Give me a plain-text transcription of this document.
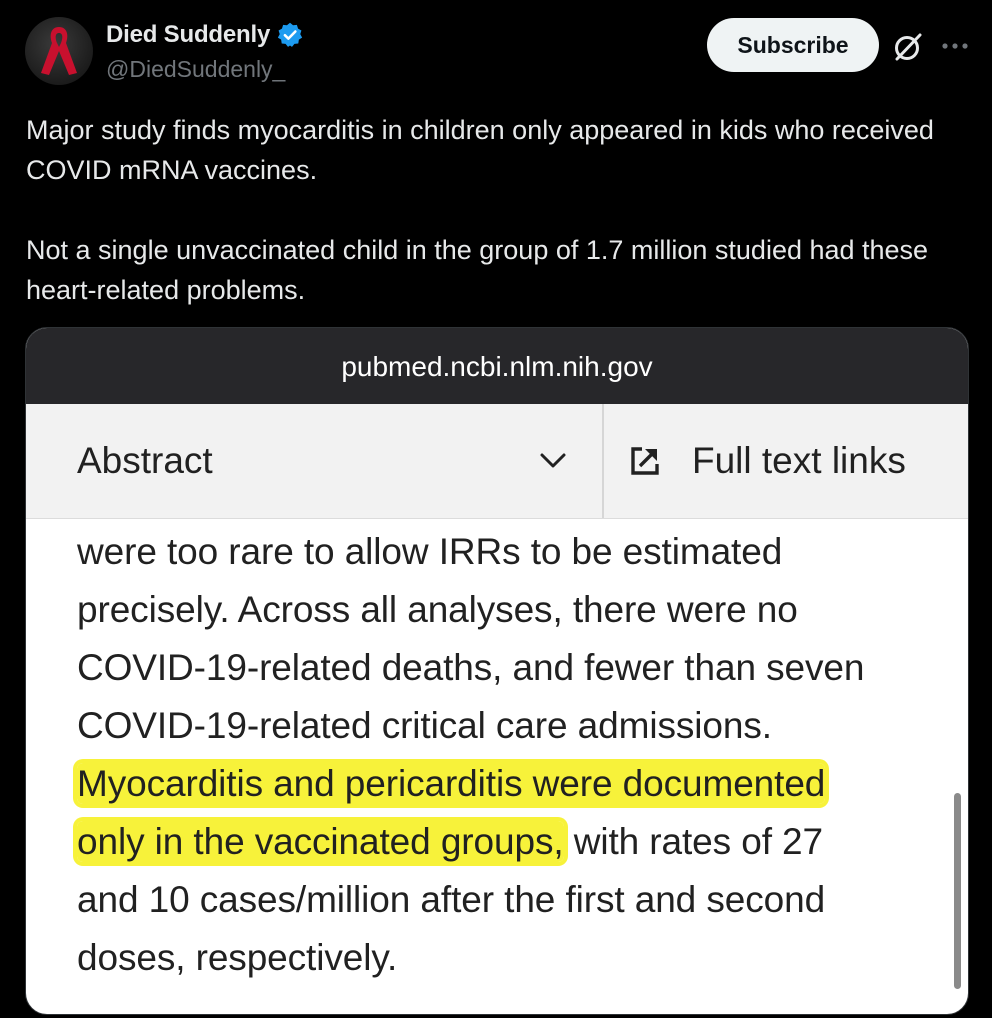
Died Suddenly
@DiedSuddenly_
Subscribe

Major study finds myocarditis in children only appeared in kids who received COVID mRNA vaccines.

Not a single unvaccinated child in the group of 1.7 million studied had these heart-related problems.

pubmed.ncbi.nlm.nih.gov
Abstract	Full text links
were too rare to allow IRRs to be estimated
precisely. Across all analyses, there were no
COVID-19-related deaths, and fewer than seven
COVID-19-related critical care admissions.
Myocarditis and pericarditis were documented
only in the vaccinated groups, with rates of 27
and 10 cases/million after the first and second
doses, respectively.
